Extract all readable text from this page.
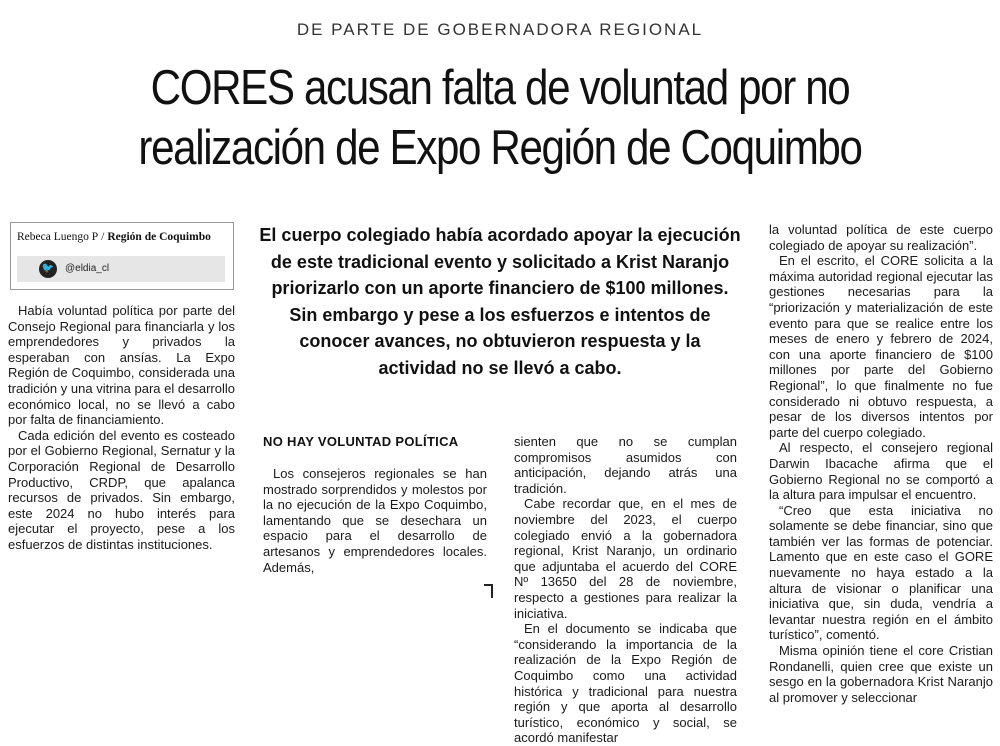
DE PARTE DE GOBERNADORA REGIONAL
CORES acusan falta de voluntad por no
realización de Expo Región de Coquimbo
Rebeca Luengo P / Región de Coquimbo
🐦 @eldia_cl
El cuerpo colegiado había acordado apoyar la ejecución de este tradicional evento y solicitado a Krist Naranjo priorizarlo con un aporte financiero de $100 millones. Sin embargo y pese a los esfuerzos e intentos de conocer avances, no obtuvieron respuesta y la actividad no se llevó a cabo.

Había voluntad política por parte del Consejo Regional para financiarla y los emprendedores y privados la esperaban con ansías. La Expo Región de Coquimbo, considerada una tradición y una vitrina para el desarrollo económico local, no se llevó a cabo por falta de financiamiento.

Cada edición del evento es costeado por el Gobierno Regional, Sernatur y la Corporación Regional de Desarrollo Productivo, CRDP, que apalanca recursos de privados. Sin embargo, este 2024 no hubo interés para ejecutar el proyecto, pese a los esfuerzos de distintas instituciones.

NO HAY VOLUNTAD POLÍTICA

Los consejeros regionales se han mostrado sorprendidos y molestos por la no ejecución de la Expo Coquimbo, lamentando que se desechara un espacio para el desarrollo de artesanos y emprendedores locales. Además,

sienten que no se cumplan compromisos asumidos con anticipación, dejando atrás una tradición.

Cabe recordar que, en el mes de noviembre del 2023, el cuerpo colegiado envió a la gobernadora regional, Krist Naranjo, un ordinario que adjuntaba el acuerdo del CORE Nº 13650 del 28 de noviembre, respecto a gestiones para realizar la iniciativa.

En el documento se indicaba que “considerando la importancia de la realización de la Expo Región de Coquimbo como una actividad histórica y tradicional para nuestra región y que aporta al desarrollo turístico, económico y social, se acordó manifestar

la voluntad política de este cuerpo colegiado de apoyar su realización”.

En el escrito, el CORE solicita a la máxima autoridad regional ejecutar las gestiones necesarias para la “priorización y materialización de este evento para que se realice entre los meses de enero y febrero de 2024, con una aporte financiero de $100 millones por parte del Gobierno Regional”, lo que finalmente no fue considerado ni obtuvo respuesta, a pesar de los diversos intentos por parte del cuerpo colegiado.

Al respecto, el consejero regional Darwin Ibacache afirma que el Gobierno Regional no se comportó a la altura para impulsar el encuentro.

“Creo que esta iniciativa no solamente se debe financiar, sino que también ver las formas de potenciar. Lamento que en este caso el GORE nuevamente no haya estado a la altura de visionar o planificar una iniciativa que, sin duda, vendría a levantar nuestra región en el ámbito turístico”, comentó.

Misma opinión tiene el core Cristian Rondanelli, quien cree que existe un sesgo en la gobernadora Krist Naranjo al promover y seleccionar
